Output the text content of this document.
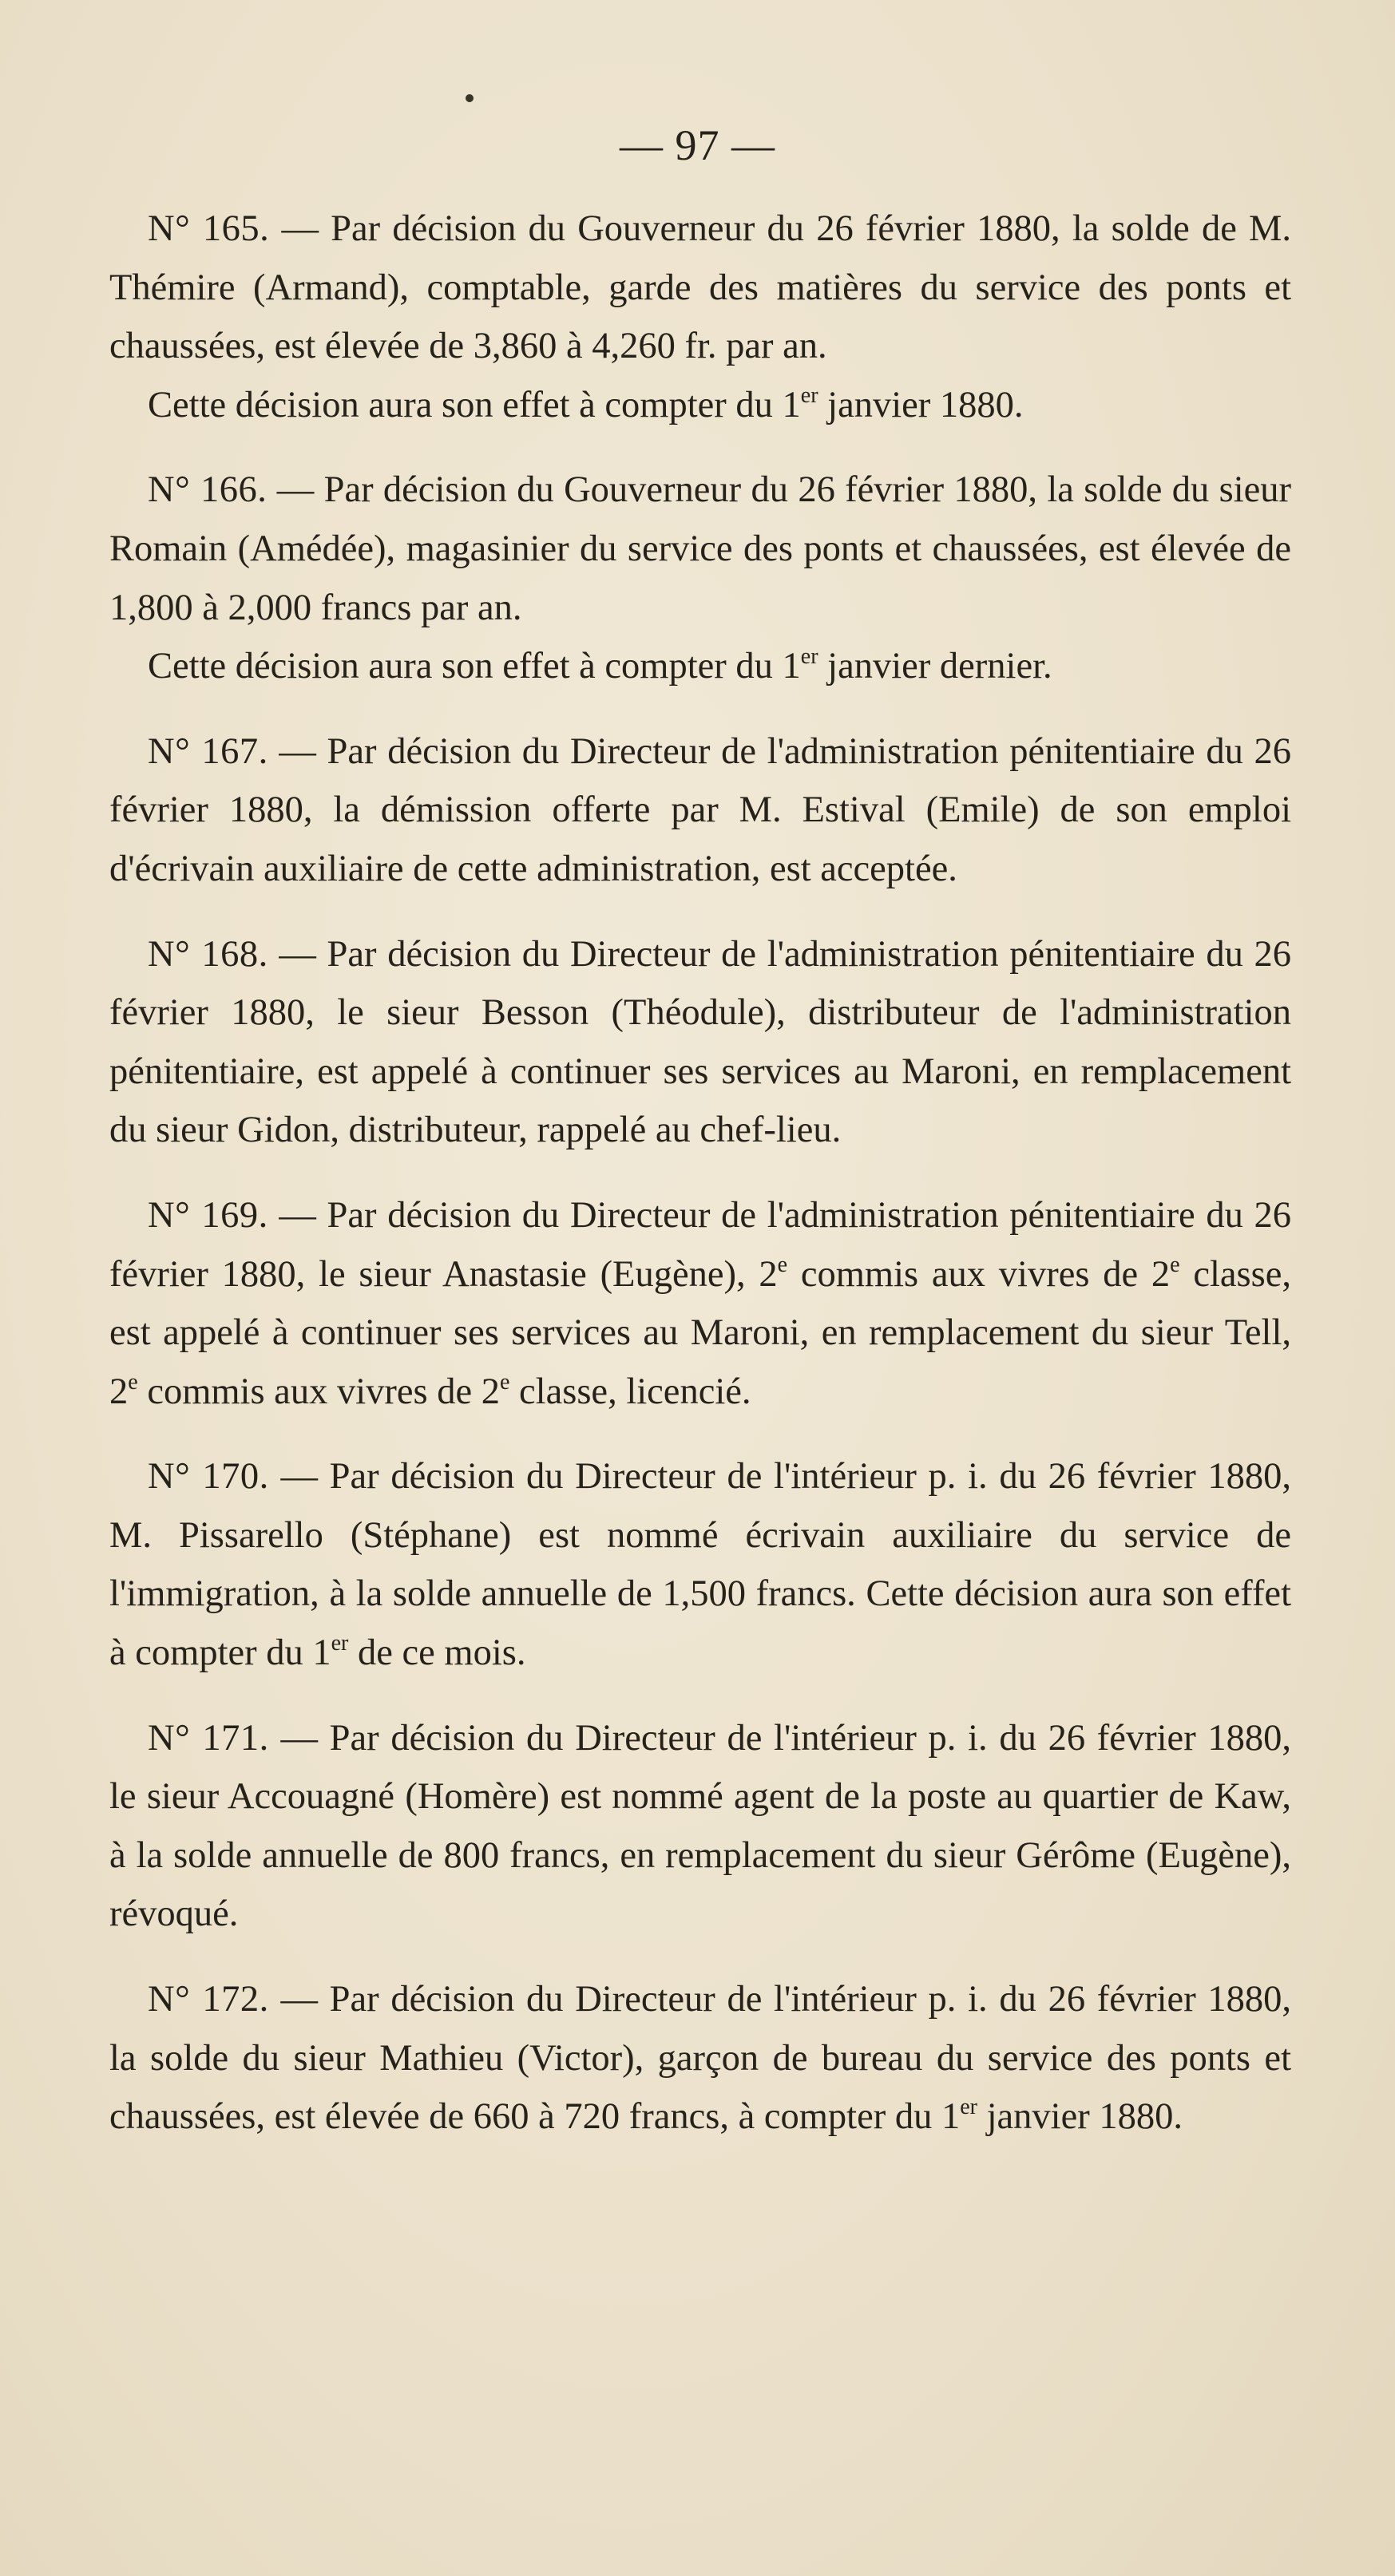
— 97 —

N° 165. — Par décision du Gouverneur du 26 février 1880, la solde de M. Thémire (Armand), comptable, garde des matières du service des ponts et chaussées, est élevée de 3,860 à 4,260 fr. par an.

Cette décision aura son effet à compter du 1er janvier 1880.

N° 166. — Par décision du Gouverneur du 26 février 1880, la solde du sieur Romain (Amédée), magasinier du service des ponts et chaussées, est élevée de 1,800 à 2,000 francs par an.

Cette décision aura son effet à compter du 1er janvier dernier.

N° 167. — Par décision du Directeur de l'administration pénitentiaire du 26 février 1880, la démission offerte par M. Estival (Emile) de son emploi d'écrivain auxiliaire de cette administration, est acceptée.

N° 168. — Par décision du Directeur de l'administration pénitentiaire du 26 février 1880, le sieur Besson (Théodule), distributeur de l'administration pénitentiaire, est appelé à continuer ses services au Maroni, en remplacement du sieur Gidon, distributeur, rappelé au chef-lieu.

N° 169. — Par décision du Directeur de l'administration pénitentiaire du 26 février 1880, le sieur Anastasie (Eugène), 2e commis aux vivres de 2e classe, est appelé à continuer ses services au Maroni, en remplacement du sieur Tell, 2e commis aux vivres de 2e classe, licencié.

N° 170. — Par décision du Directeur de l'intérieur p. i. du 26 février 1880, M. Pissarello (Stéphane) est nommé écrivain auxiliaire du service de l'immigration, à la solde annuelle de 1,500 francs. Cette décision aura son effet à compter du 1er de ce mois.

N° 171. — Par décision du Directeur de l'intérieur p. i. du 26 février 1880, le sieur Accouagné (Homère) est nommé agent de la poste au quartier de Kaw, à la solde annuelle de 800 francs, en remplacement du sieur Gérôme (Eugène), révoqué.

N° 172. — Par décision du Directeur de l'intérieur p. i. du 26 février 1880, la solde du sieur Mathieu (Victor), garçon de bureau du service des ponts et chaussées, est élevée de 660 à 720 francs, à compter du 1er janvier 1880.
